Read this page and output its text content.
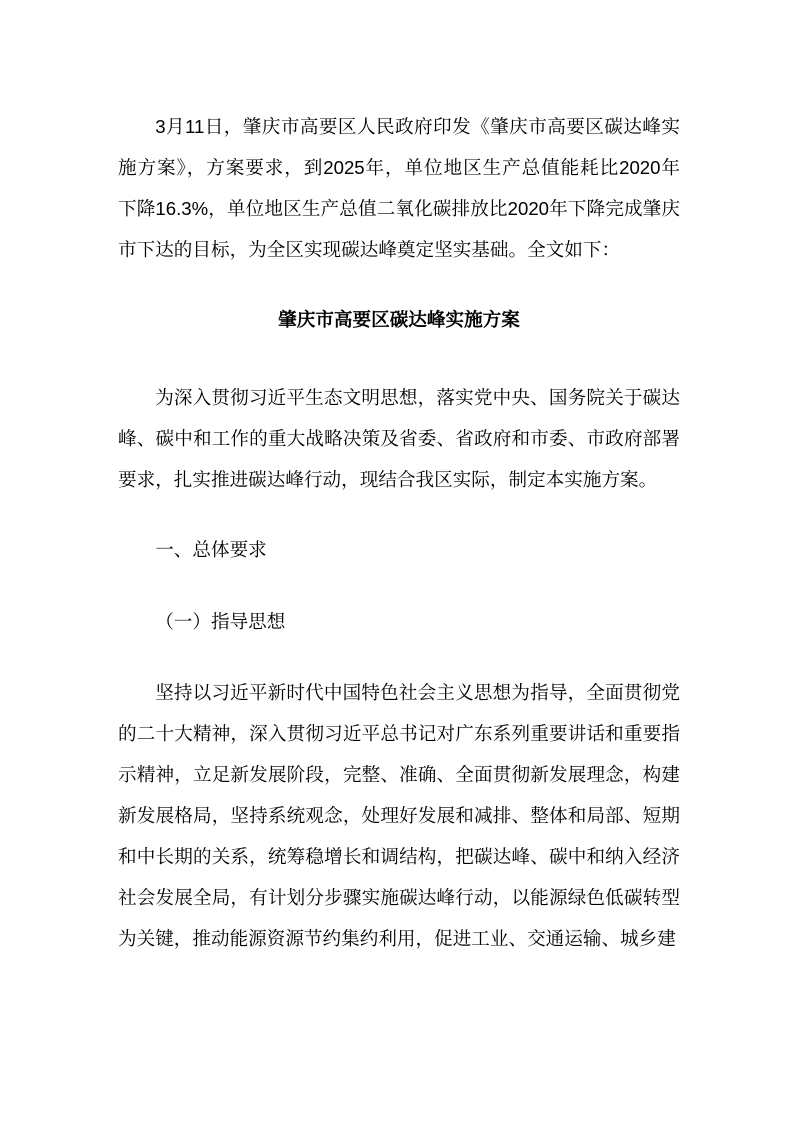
3月11日，肇庆市高要区人民政府印发《肇庆市高要区碳达峰实
施方案》，方案要求，到2025年，单位地区生产总值能耗比2020年
下降16.3%，单位地区生产总值二氧化碳排放比2020年下降完成肇庆
市下达的目标，为全区实现碳达峰奠定坚实基础。全文如下：
肇庆市高要区碳达峰实施方案
为深入贯彻习近平生态文明思想，落实党中央、国务院关于碳达
峰、碳中和工作的重大战略决策及省委、省政府和市委、市政府部署
要求，扎实推进碳达峰行动，现结合我区实际，制定本实施方案。
一、总体要求
（一）指导思想
坚持以习近平新时代中国特色社会主义思想为指导，全面贯彻党
的二十大精神，深入贯彻习近平总书记对广东系列重要讲话和重要指
示精神，立足新发展阶段，完整、准确、全面贯彻新发展理念，构建
新发展格局，坚持系统观念，处理好发展和减排、整体和局部、短期
和中长期的关系，统筹稳增长和调结构，把碳达峰、碳中和纳入经济
社会发展全局，有计划分步骤实施碳达峰行动，以能源绿色低碳转型
为关键，推动能源资源节约集约利用，促进工业、交通运输、城乡建
